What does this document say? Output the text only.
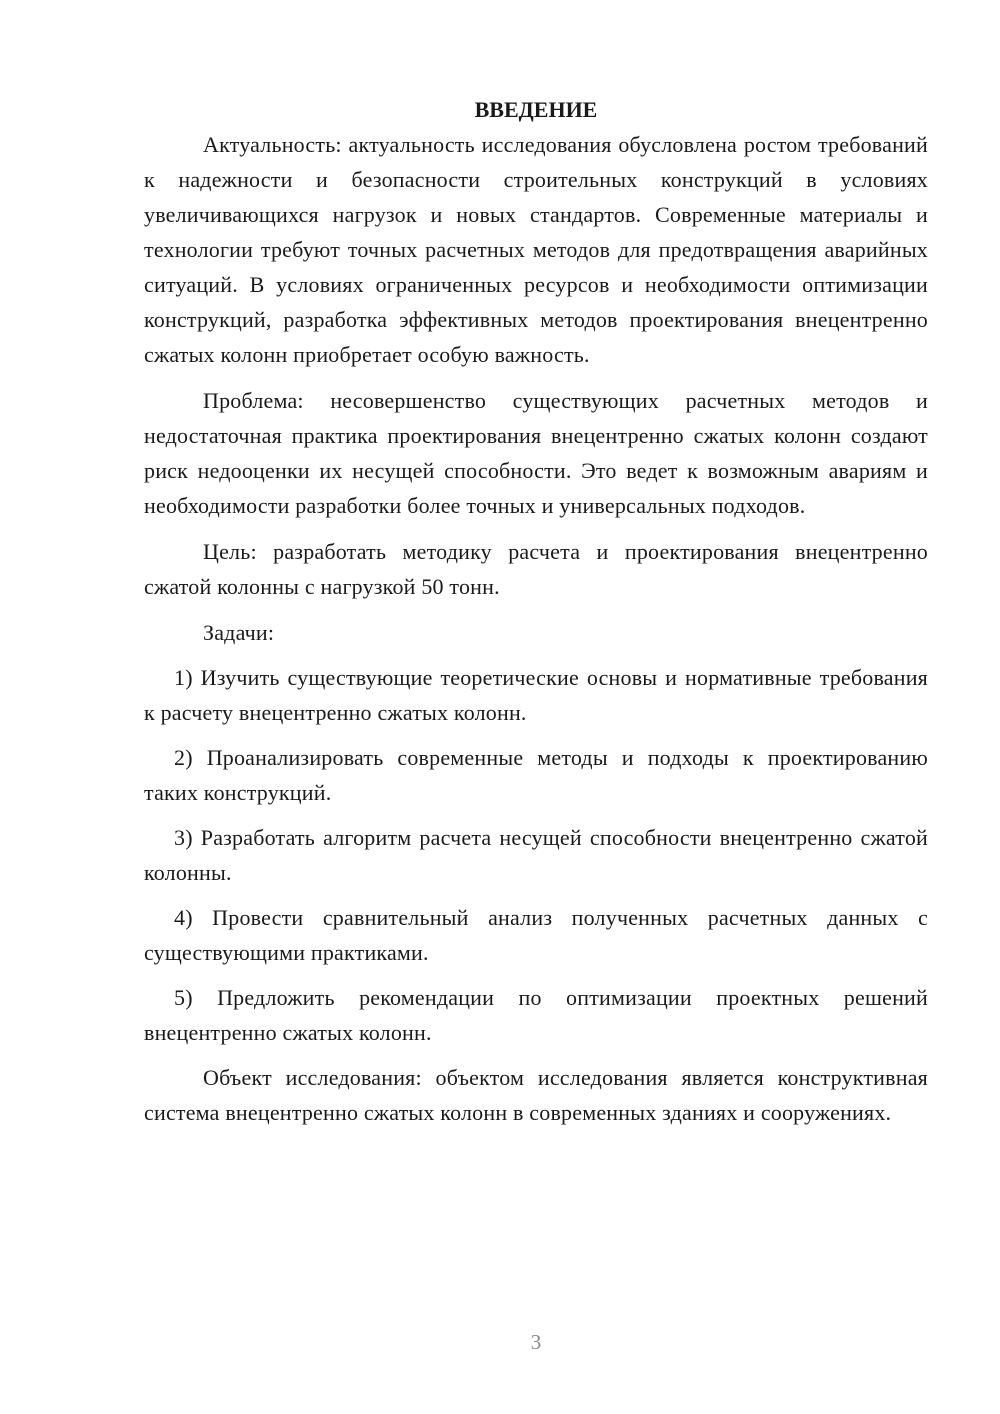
ВВЕДЕНИЕ

Актуальность: актуальность исследования обусловлена ростом требований к надежности и безопасности строительных конструкций в условиях увеличивающихся нагрузок и новых стандартов. Современные материалы и технологии требуют точных расчетных методов для предотвращения аварийных ситуаций. В условиях ограниченных ресурсов и необходимости оптимизации конструкций, разработка эффективных методов проектирования внецентренно сжатых колонн приобретает особую важность.

Проблема: несовершенство существующих расчетных методов и недостаточная практика проектирования внецентренно сжатых колонн создают риск недооценки их несущей способности. Это ведет к возможным авариям и необходимости разработки более точных и универсальных подходов.

Цель: разработать методику расчета и проектирования внецентренно сжатой колонны с нагрузкой 50 тонн.

Задачи:

1) Изучить существующие теоретические основы и нормативные требования к расчету внецентренно сжатых колонн.

2) Проанализировать современные методы и подходы к проектированию таких конструкций.

3) Разработать алгоритм расчета несущей способности внецентренно сжатой колонны.

4) Провести сравнительный анализ полученных расчетных данных с существующими практиками.

5) Предложить рекомендации по оптимизации проектных решений внецентренно сжатых колонн.

Объект исследования: объектом исследования является конструктивная система внецентренно сжатых колонн в современных зданиях и сооружениях.

3
